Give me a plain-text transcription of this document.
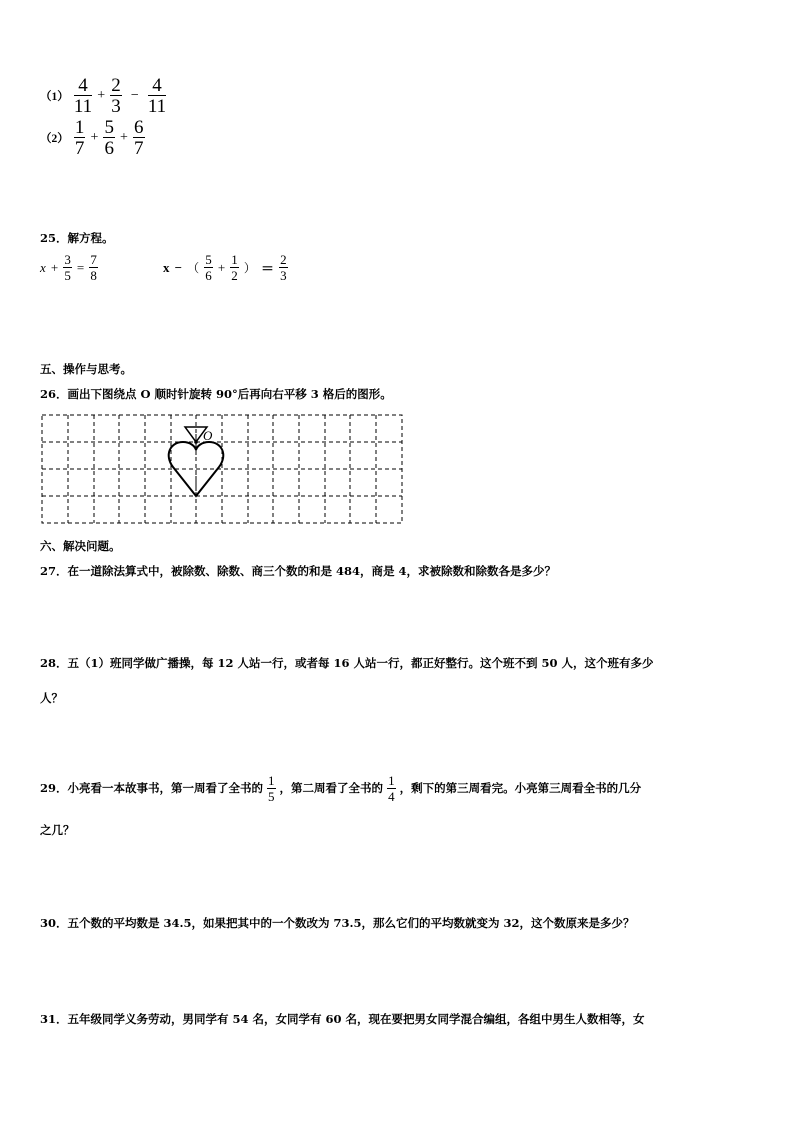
$(1) \frac{4}{11} + \frac{2}{3} - \frac{4}{11}$
$(2) \frac{1}{7} + \frac{5}{6} + \frac{6}{7}$
25．解方程。
$x + \frac{3}{5} = \frac{7}{8}$	x − （ $\frac{5}{6} + \frac{1}{2}$ ） ＝ $\frac{2}{3}$
五、操作与思考。
26．画出下图绕点 O 顺时针旋转 90°后再向右平移 3 格后的图形。
O
六、解决问题。
27．在一道除法算式中，被除数、除数、商三个数的和是 484，商是 4，求被除数和除数各是多少？
28．五（1）班同学做广播操，每 12 人站一行，或者每 16 人站一行，都正好整行。这个班不到 50 人，这个班有多少
人？
29．小亮看一本故事书，第一周看了全书的 $\frac{1}{5}$ ，第二周看了全书的 $\frac{1}{4}$ ，剩下的第三周看完。小亮第三周看全书的几分
之几？
30．五个数的平均数是 34.5，如果把其中的一个数改为 73.5，那么它们的平均数就变为 32，这个数原来是多少？
31．五年级同学义务劳动，男同学有 54 名，女同学有 60 名，现在要把男女同学混合编组，各组中男生人数相等，女
